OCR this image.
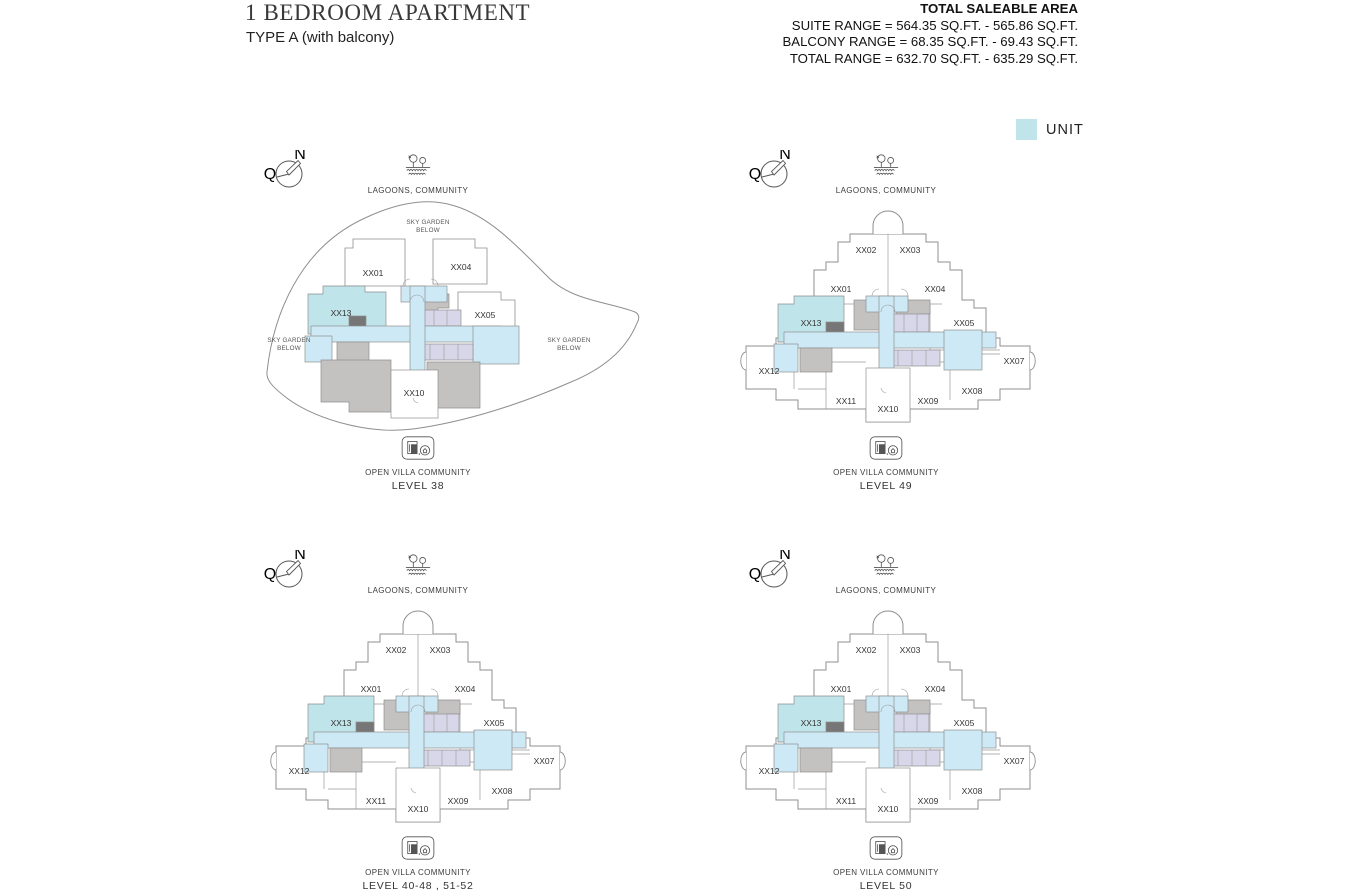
1 BEDROOM APARTMENT
TYPE A (with balcony)
TOTAL SALEABLE AREA
SUITE RANGE = 564.35 SQ.FT. - 565.86 SQ.FT.
BALCONY RANGE = 68.35 SQ.FT. - 69.43 SQ.FT.
TOTAL RANGE = 632.70 SQ.FT. - 635.29 SQ.FT.
UNIT
LAGOONS, COMMUNITY
OPEN VILLA COMMUNITY
LEVEL 38
LAGOONS, COMMUNITY
OPEN VILLA COMMUNITY
LEVEL 49
LAGOONS, COMMUNITY
OPEN VILLA COMMUNITY
LEVEL 40-48 , 51-52
LAGOONS, COMMUNITY
OPEN VILLA COMMUNITY
LEVEL 50
